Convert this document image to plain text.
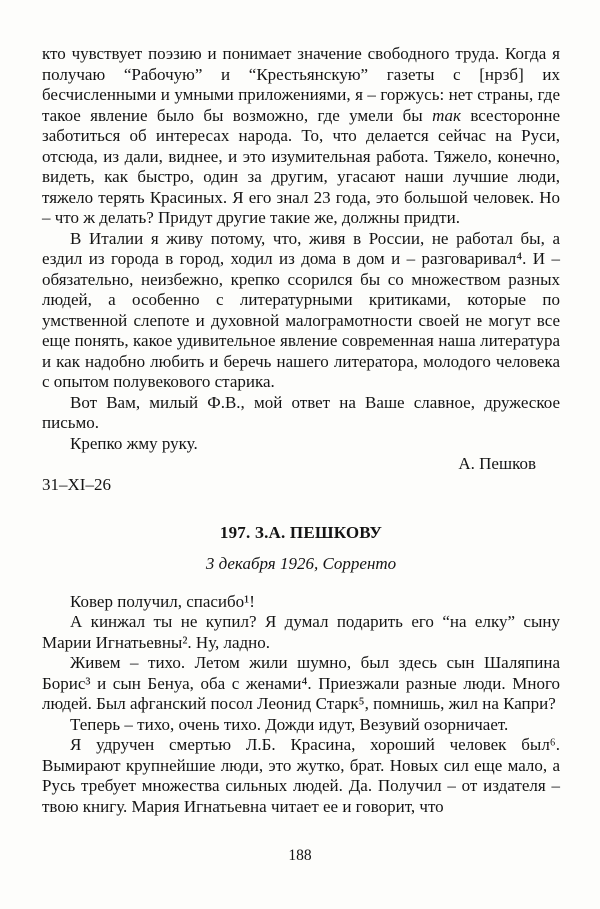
кто чувствует поэзию и понимает значение свободного труда. Когда я получаю “Рабочую” и “Крестьянскую” газеты с [нрзб] их бесчисленными и умными приложениями, я – горжусь: нет страны, где такое явление было бы возможно, где умели бы так всесторонне заботиться об интересах народа. То, что делается сейчас на Руси, отсюда, из дали, виднее, и это изумительная работа. Тяжело, конечно, видеть, как быстро, один за другим, угасают наши лучшие люди, тяжело терять Красиных. Я его знал 23 года, это большой человек. Но – что ж делать? Придут другие такие же, должны придти.

В Италии я живу потому, что, живя в России, не работал бы, а ездил из города в город, ходил из дома в дом и – разговаривал⁴. И – обязательно, неизбежно, крепко ссорился бы со множеством разных людей, а особенно с литературными критиками, которые по умственной слепоте и духовной малограмотности своей не могут все еще понять, какое удивительное явление современная наша литература и как надобно любить и беречь нашего литератора, молодого человека с опытом полувекового старика.

Вот Вам, милый Ф.В., мой ответ на Ваше славное, дружеское письмо.

Крепко жму руку.

А. Пешков

31–XI–26

197. З.А. ПЕШКОВУ

3 декабря 1926, Сорренто

Ковер получил, спасибо¹!

А кинжал ты не купил? Я думал подарить его “на елку” сыну Марии Игнатьевны². Ну, ладно.

Живем – тихо. Летом жили шумно, был здесь сын Шаляпина Борис³ и сын Бенуа, оба с женами⁴. Приезжали разные люди. Много людей. Был афганский посол Леонид Старк⁵, помнишь, жил на Капри?

Теперь – тихо, очень тихо. Дожди идут, Везувий озорничает.

Я удручен смертью Л.Б. Красина, хороший человек был⁶. Вымирают крупнейшие люди, это жутко, брат. Новых сил еще мало, а Русь требует множества сильных людей. Да. Получил – от издателя – твою книгу. Мария Игнатьевна читает ее и говорит, что

188
